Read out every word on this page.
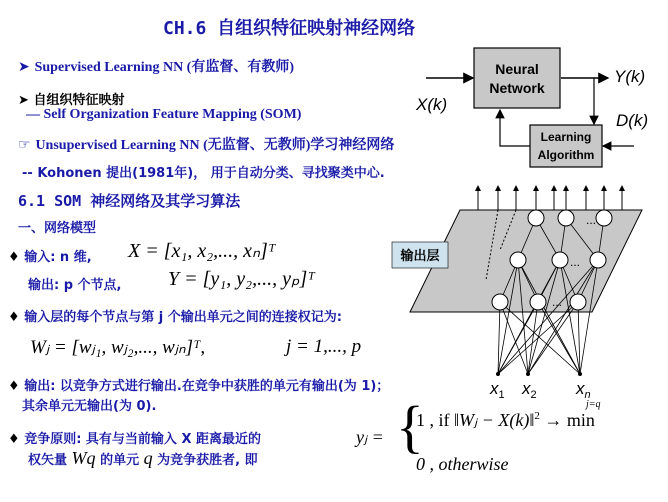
CH.6 自组织特征映射神经网络
➤ Supervised Learning NN (有监督、有教师)
➤ 自组织特征映射
— Self Organization Feature Mapping (SOM)
☞ Unsupervised Learning NN (无监督、无教师)学习神经网络
-- Kohonen 提出(1981年)， 用于自动分类、寻找聚类中心.
6.1 SOM 神经网络及其学习算法
一、网络模型
♦ 输入: n 维, X = [x₁, x₂,..., xₙ]ᵀ
输出: p 个节点, Y = [y₁, y₂,..., yₚ]ᵀ
♦ 输入层的每个节点与第 j 个输出单元之间的连接权记为:
Wⱼ = [wⱼ₁, wⱼ₂,..., wⱼₙ]ᵀ,	j = 1,..., p
♦ 输出: 以竞争方式进行输出.在竞争中获胜的单元有输出(为 1)；
其余单元无输出(为 0).
♦ 竞争原则: 具有与当前输入 X 距离最近的
权矢量 Wq 的单元 q 为竞争获胜者, 即
yⱼ = {
1 , if ‖Wⱼ − X(k)‖$^2$ → min
j=q
0 , otherwise
Neural
Network
Learning
Algorithm
X(k)
Y(k)
D(k)
输出层
...
...
...
$x_1$ $x_2$ $x_n$
